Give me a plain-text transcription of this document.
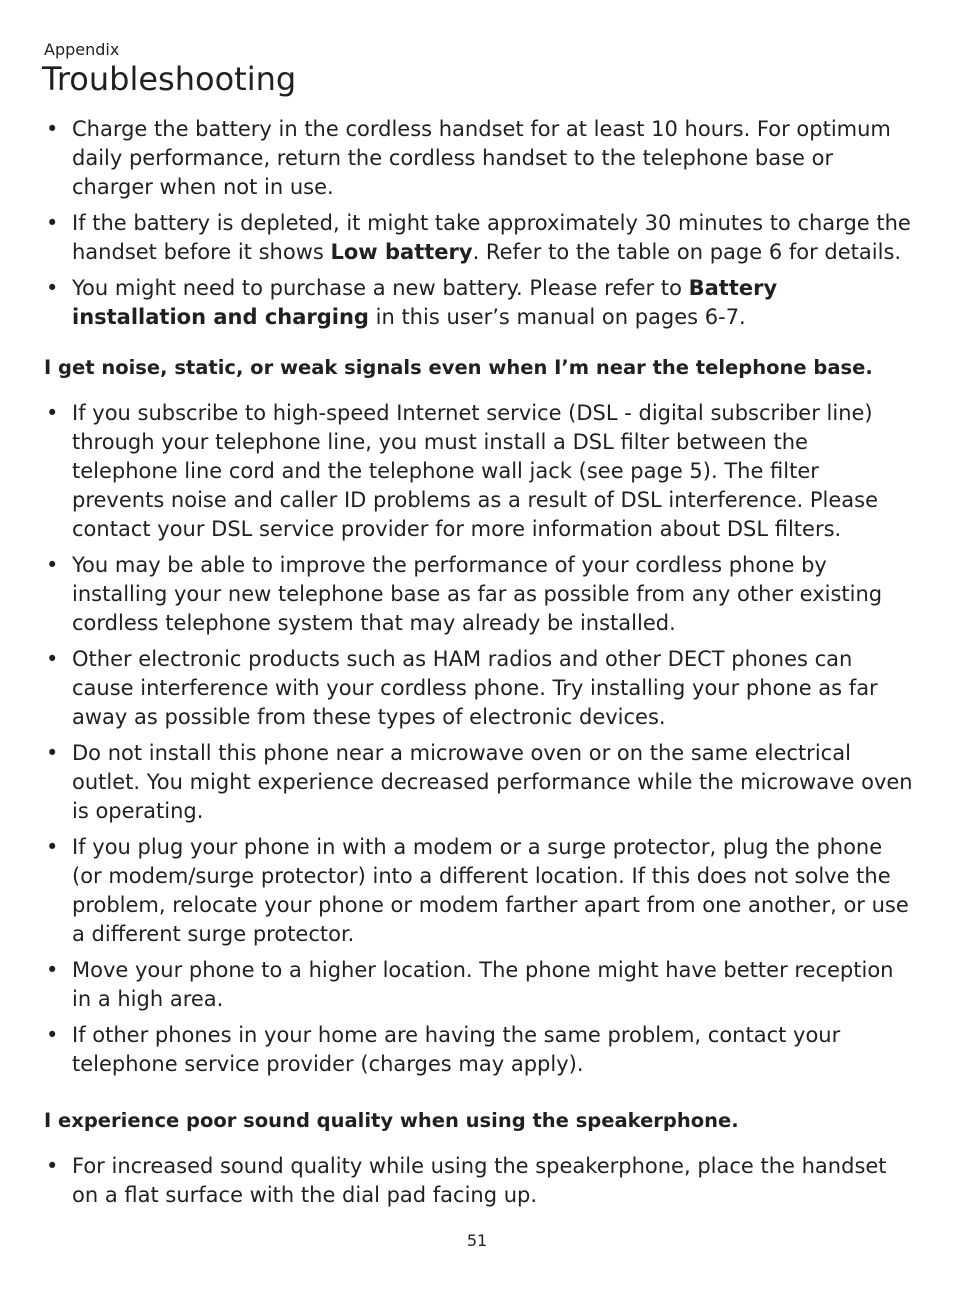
Appendix
Troubleshooting
• Charge the battery in the cordless handset for at least 10 hours. For optimum daily performance, return the cordless handset to the telephone base or charger when not in use.
• If the battery is depleted, it might take approximately 30 minutes to charge the handset before it shows Low battery. Refer to the table on page 6 for details.
• You might need to purchase a new battery. Please refer to Battery installation and charging in this user’s manual on pages 6-7.
I get noise, static, or weak signals even when I’m near the telephone base.
• If you subscribe to high-speed Internet service (DSL - digital subscriber line) through your telephone line, you must install a DSL filter between the telephone line cord and the telephone wall jack (see page 5). The filter prevents noise and caller ID problems as a result of DSL interference. Please contact your DSL service provider for more information about DSL filters.
• You may be able to improve the performance of your cordless phone by installing your new telephone base as far as possible from any other existing cordless telephone system that may already be installed.
• Other electronic products such as HAM radios and other DECT phones can cause interference with your cordless phone. Try installing your phone as far away as possible from these types of electronic devices.
• Do not install this phone near a microwave oven or on the same electrical outlet. You might experience decreased performance while the microwave oven is operating.
• If you plug your phone in with a modem or a surge protector, plug the phone (or modem/surge protector) into a different location. If this does not solve the problem, relocate your phone or modem farther apart from one another, or use a different surge protector.
• Move your phone to a higher location. The phone might have better reception in a high area.
• If other phones in your home are having the same problem, contact your telephone service provider (charges may apply).
I experience poor sound quality when using the speakerphone.
• For increased sound quality while using the speakerphone, place the handset on a flat surface with the dial pad facing up.
51
